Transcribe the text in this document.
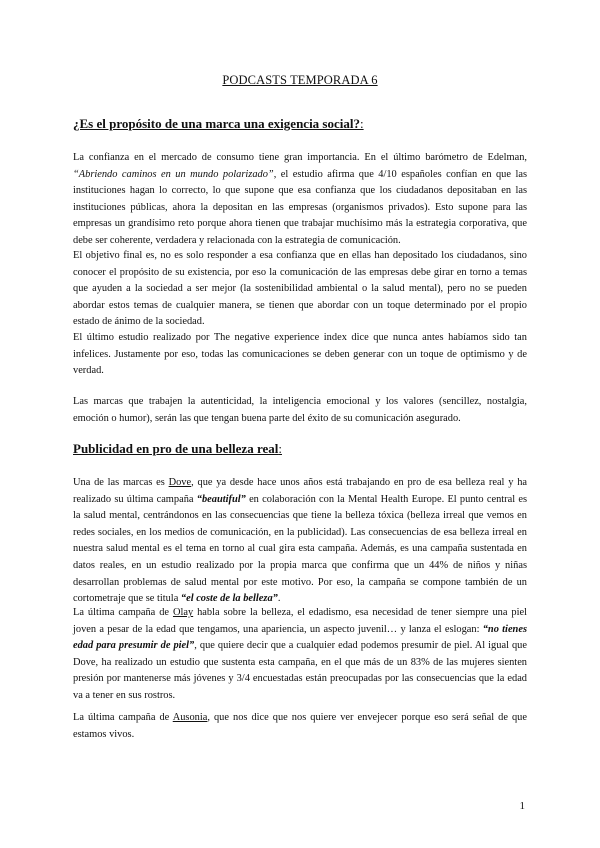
PODCASTS TEMPORADA 6
¿Es el propósito de una marca una exigencia social?:

La confianza en el mercado de consumo tiene gran importancia. En el último barómetro de Edelman, “Abriendo caminos en un mundo polarizado”, el estudio afirma que 4/10 españoles confían en que las instituciones hagan lo correcto, lo que supone que esa confianza que los ciudadanos depositaban en las instituciones públicas, ahora la depositan en las empresas (organismos privados). Esto supone para las empresas un grandísimo reto porque ahora tienen que trabajar muchísimo más la estrategia corporativa, que debe ser coherente, verdadera y relacionada con la estrategia de comunicación.

El objetivo final es, no es solo responder a esa confianza que en ellas han depositado los ciudadanos, sino conocer el propósito de su existencia, por eso la comunicación de las empresas debe girar en torno a temas que ayuden a la sociedad a ser mejor (la sostenibilidad ambiental o la salud mental), pero no se pueden abordar estos temas de cualquier manera, se tienen que abordar con un toque determinado por el propio estado de ánimo de la sociedad.

El último estudio realizado por The negative experience index dice que nunca antes habíamos sido tan infelices. Justamente por eso, todas las comunicaciones se deben generar con un toque de optimismo y de verdad.

Las marcas que trabajen la autenticidad, la inteligencia emocional y los valores (sencillez, nostalgia, emoción o humor), serán las que tengan buena parte del éxito de su comunicación asegurado.

Publicidad en pro de una belleza real:

Una de las marcas es Dove, que ya desde hace unos años está trabajando en pro de esa belleza real y ha realizado su última campaña “beautiful” en colaboración con la Mental Health Europe. El punto central es la salud mental, centrándonos en las consecuencias que tiene la belleza tóxica (belleza irreal que vemos en redes sociales, en los medios de comunicación, en la publicidad). Las consecuencias de esa belleza irreal en nuestra salud mental es el tema en torno al cual gira esta campaña. Además, es una campaña sustentada en datos reales, en un estudio realizado por la propia marca que confirma que un 44% de niños y niñas desarrollan problemas de salud mental por este motivo. Por eso, la campaña se compone también de un cortometraje que se titula “el coste de la belleza”.

La última campaña de Olay habla sobre la belleza, el edadismo, esa necesidad de tener siempre una piel joven a pesar de la edad que tengamos, una apariencia, un aspecto juvenil… y lanza el eslogan: “no tienes edad para presumir de piel”, que quiere decir que a cualquier edad podemos presumir de piel. Al igual que Dove, ha realizado un estudio que sustenta esta campaña, en el que más de un 83% de las mujeres sienten presión por mantenerse más jóvenes y 3/4 encuestadas están preocupadas por las consecuencias que la edad va a tener en sus rostros.

La última campaña de Ausonia, que nos dice que nos quiere ver envejecer porque eso será señal de que estamos vivos.

1
